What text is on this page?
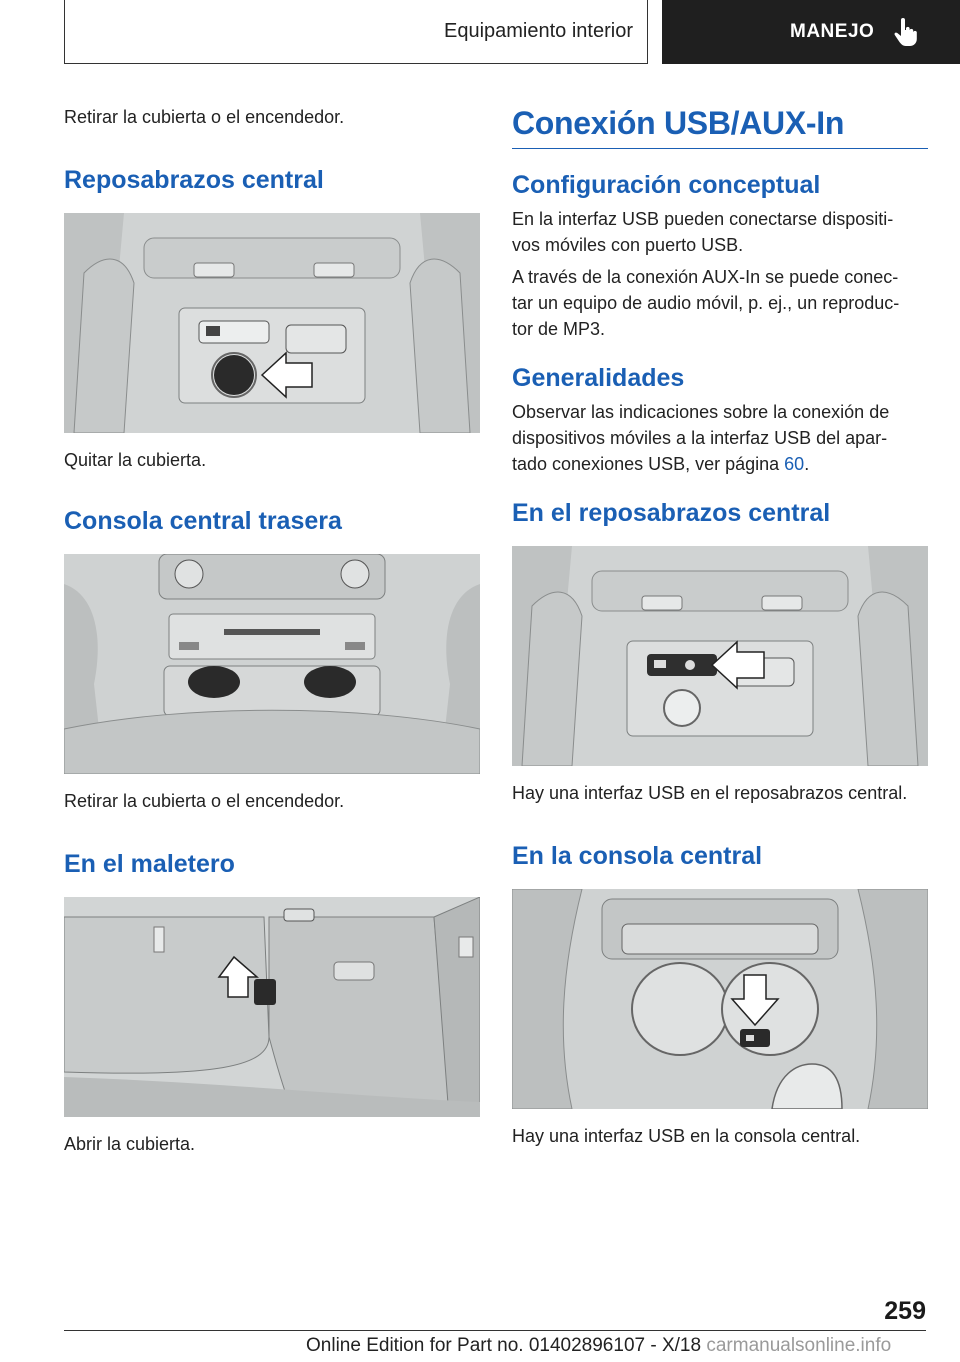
Equipamiento interior	MANEJO

Retirar la cubierta o el encendedor.

Reposabrazos central

Quitar la cubierta.

Consola central trasera

Retirar la cubierta o el encendedor.

En el maletero

Abrir la cubierta.

Conexión USB/AUX-In
Configuración conceptual

En la interfaz USB pueden conectarse dispositi-
vos móviles con puerto USB.

A través de la conexión AUX-In se puede conec-
tar un equipo de audio móvil, p. ej., un reproduc-
tor de MP3.

Generalidades

Observar las indicaciones sobre la conexión de
dispositivos móviles a la interfaz USB del apar-
tado conexiones USB, ver página 60.

En el reposabrazos central

Hay una interfaz USB en el reposabrazos central.

En la consola central

Hay una interfaz USB en la consola central.

259
Online Edition for Part no. 01402896107 - X/18 carmanualsonline.info
